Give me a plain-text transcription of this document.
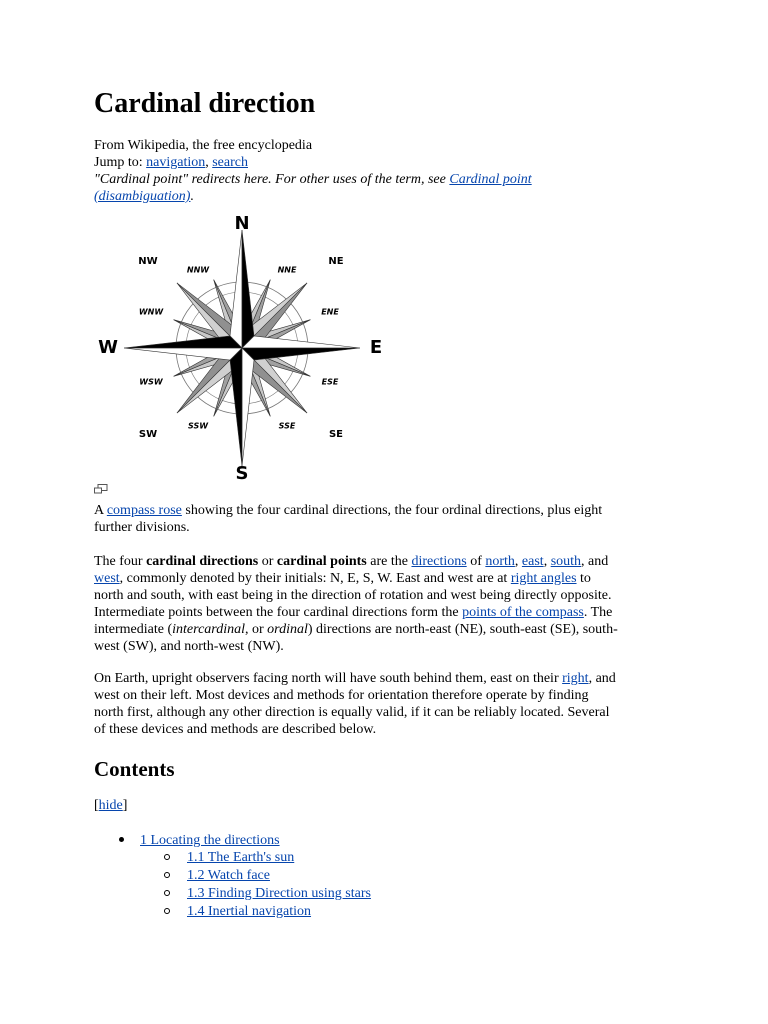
Cardinal direction
From Wikipedia, the free encyclopedia
Jump to: navigation, search
"Cardinal point" redirects here. For other uses of the term, see Cardinal point
(disambiguation).
N
E
S
W
NE
SE
SW
NW
NNE
ENE
ESE
SSE
SSW
WSW
WNW
NNW
A compass rose showing the four cardinal directions, the four ordinal directions, plus eight
further divisions.
The four cardinal directions or cardinal points are the directions of north, east, south, and
west, commonly denoted by their initials: N, E, S, W. East and west are at right angles to
north and south, with east being in the direction of rotation and west being directly opposite.
Intermediate points between the four cardinal directions form the points of the compass. The
intermediate (intercardinal, or ordinal) directions are north-east (NE), south-east (SE), south-
west (SW), and north-west (NW).
On Earth, upright observers facing north will have south behind them, east on their right, and
west on their left. Most devices and methods for orientation therefore operate by finding
north first, although any other direction is equally valid, if it can be reliably located. Several
of these devices and methods are described below.
Contents
[hide]
1 Locating the directions
1.1 The Earth's sun
1.2 Watch face
1.3 Finding Direction using stars
1.4 Inertial navigation
